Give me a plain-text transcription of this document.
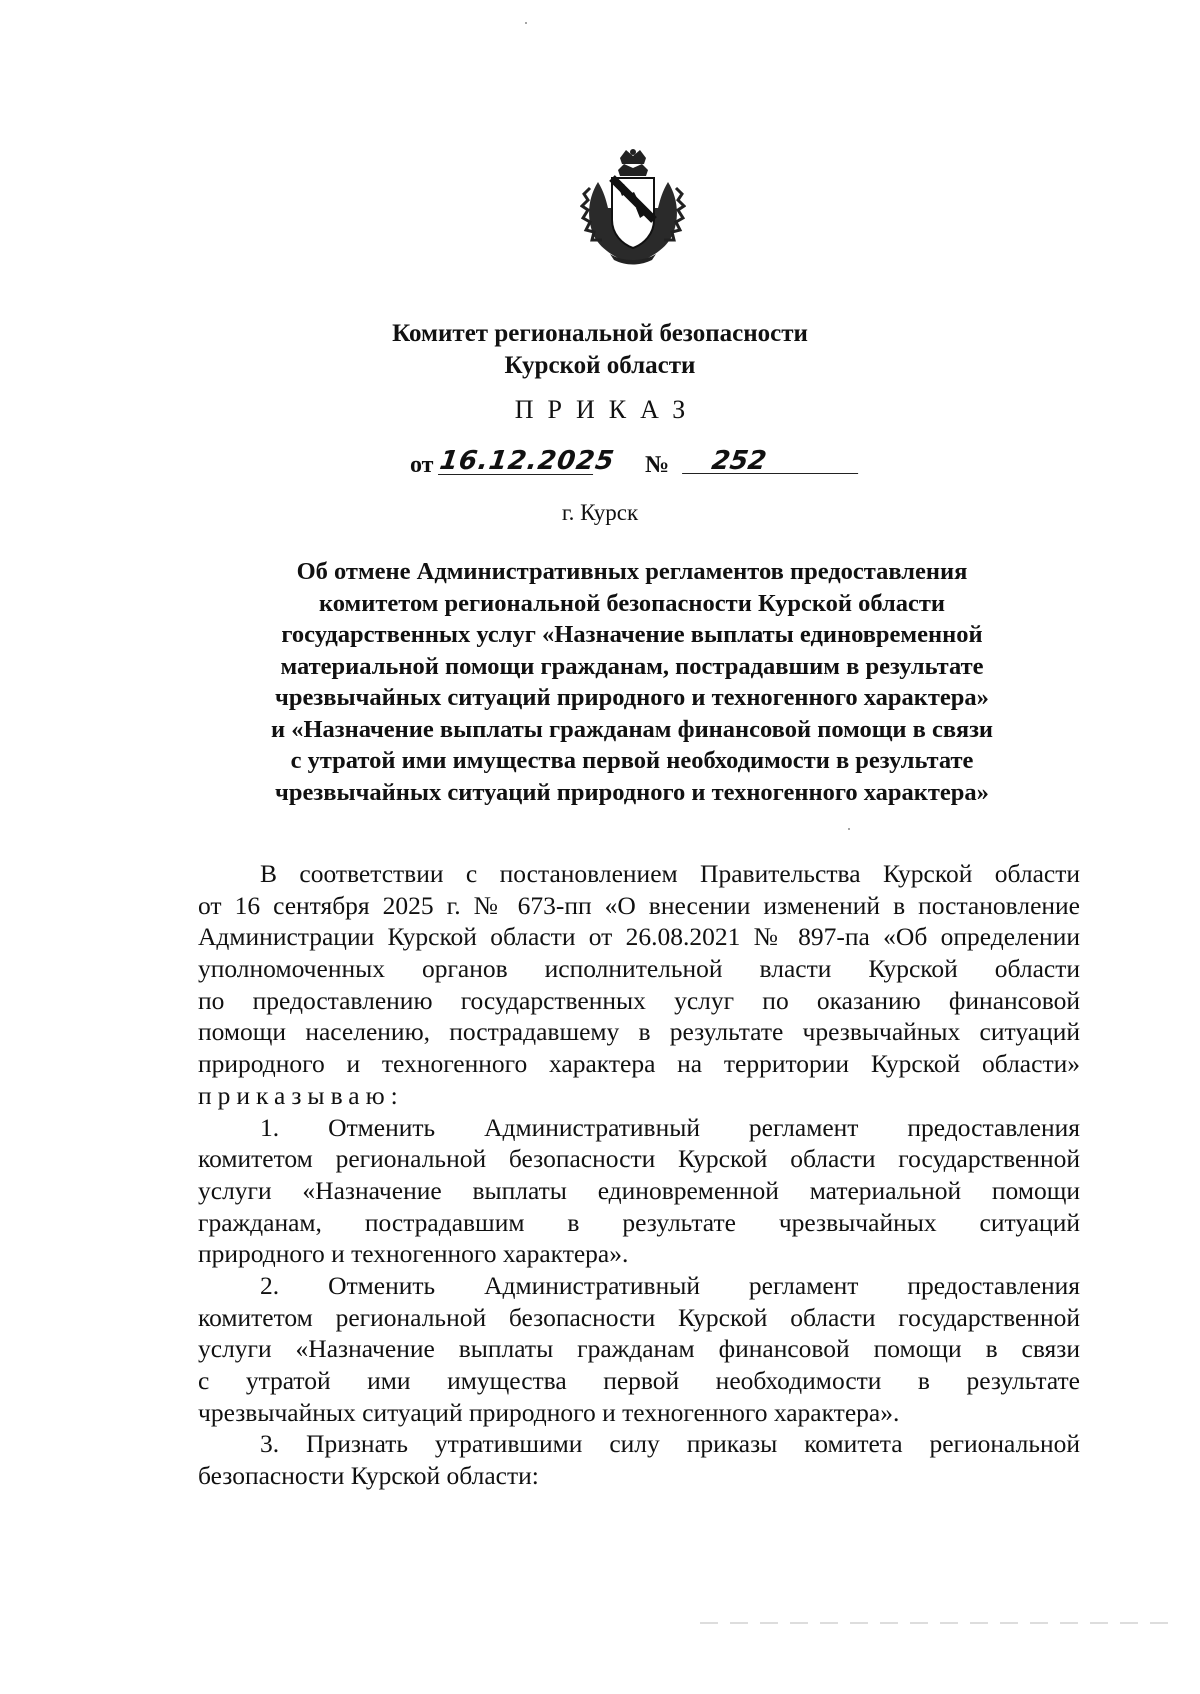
Комитет региональной безопасности
Курской области
ПРИКАЗ
от 16.12.2025 №	252
г. Курск
Об отмене Административных регламентов предоставления
комитетом региональной безопасности Курской области
государственных услуг «Назначение выплаты единовременной
материальной помощи гражданам, пострадавшим в результате
чрезвычайных ситуаций природного и техногенного характера»
и «Назначение выплаты гражданам финансовой помощи в связи
с утратой ими имущества первой необходимости в результате
чрезвычайных ситуаций природного и техногенного характера»
В соответствии с постановлением Правительства Курской области
от 16 сентября 2025 г. № 673-пп «О внесении изменений в постановление
Администрации Курской области от 26.08.2021 № 897-па «Об определении
уполномоченных органов исполнительной власти Курской области
по предоставлению государственных услуг по оказанию финансовой
помощи населению, пострадавшему в результате чрезвычайных ситуаций
природного и техногенного характера на территории Курской области»
приказываю:
1. Отменить Административный регламент предоставления
комитетом региональной безопасности Курской области государственной
услуги «Назначение выплаты единовременной материальной помощи
гражданам, пострадавшим в результате чрезвычайных ситуаций
природного и техногенного характера».
2. Отменить Административный регламент предоставления
комитетом региональной безопасности Курской области государственной
услуги «Назначение выплаты гражданам финансовой помощи в связи
с утратой ими имущества первой необходимости в результате
чрезвычайных ситуаций природного и техногенного характера».
3. Признать утратившими силу приказы комитета региональной
безопасности Курской области:
